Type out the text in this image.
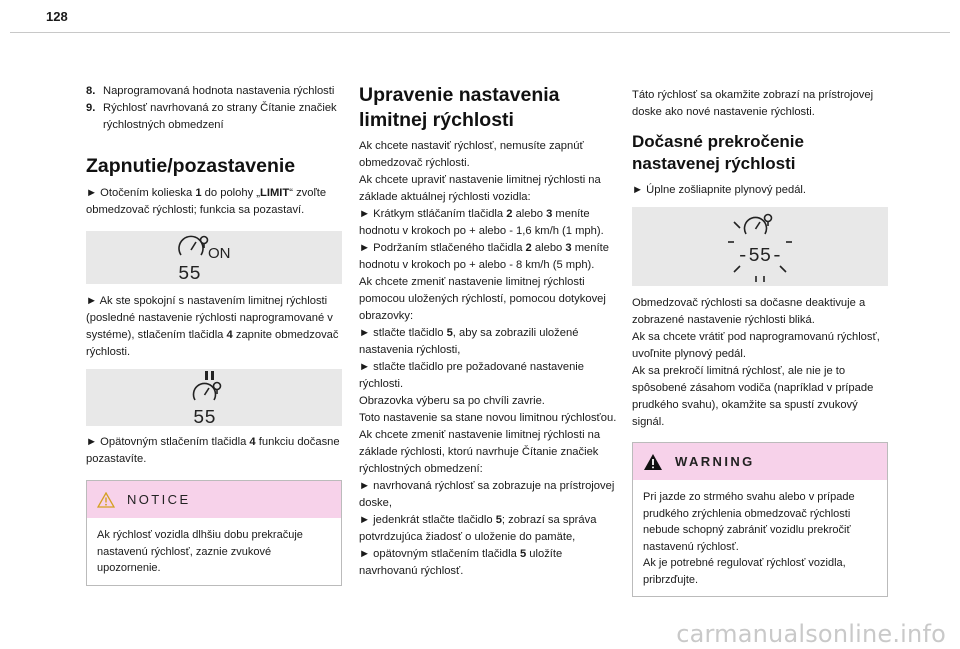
128
8. Naprogramovaná hodnota nastavenia rýchlosti
9. Rýchlosť navrhovaná zo strany Čítanie značiek rýchlostných obmedzení
Zapnutie/pozastavenie

► Otočením kolieska 1 do polohy „LIMIT“ zvoľte obmedzovač rýchlosti; funkcia sa pozastaví.

ON
55

► Ak ste spokojní s nastavením limitnej rýchlosti (posledné nastavenie rýchlosti naprogramované v systéme), stlačením tlačidla 4 zapnite obmedzovač rýchlosti.

55

► Opätovným stlačením tlačidla 4 funkciu dočasne pozastavíte.

NOTICE
Ak rýchlosť vozidla dlhšiu dobu prekračuje nastavenú rýchlosť, zaznie zvukové upozornenie.
Upravenie nastavenia limitnej rýchlosti

Ak chcete nastaviť rýchlosť, nemusíte zapnúť obmedzovač rýchlosti.

Ak chcete upraviť nastavenie limitnej rýchlosti na základe aktuálnej rýchlosti vozidla:

► Krátkym stláčaním tlačidla 2 alebo 3 meníte hodnotu v krokoch po + alebo - 1,6 km/h (1 mph).

► Podržaním stlačeného tlačidla 2 alebo 3 meníte hodnotu v krokoch po + alebo - 8 km/h (5 mph).

Ak chcete zmeniť nastavenie limitnej rýchlosti pomocou uložených rýchlostí, pomocou dotykovej obrazovky:

► stlačte tlačidlo 5, aby sa zobrazili uložené nastavenia rýchlosti,

► stlačte tlačidlo pre požadované nastavenie rýchlosti.

Obrazovka výberu sa po chvíli zavrie.

Toto nastavenie sa stane novou limitnou rýchlosťou.

Ak chcete zmeniť nastavenie limitnej rýchlosti na základe rýchlosti, ktorú navrhuje Čítanie značiek rýchlostných obmedzení:

► navrhovaná rýchlosť sa zobrazuje na prístrojovej doske,

► jedenkrát stlačte tlačidlo 5; zobrazí sa správa potvrdzujúca žiadosť o uloženie do pamäte,

► opätovným stlačením tlačidla 5 uložíte navrhovanú rýchlosť.

Táto rýchlosť sa okamžite zobrazí na prístrojovej doske ako nové nastavenie rýchlosti.

Dočasné prekročenie nastavenej rýchlosti

► Úplne zošliapnite plynový pedál.

-55-

Obmedzovač rýchlosti sa dočasne deaktivuje a zobrazené nastavenie rýchlosti bliká.

Ak sa chcete vrátiť pod naprogramovanú rýchlosť, uvoľnite plynový pedál.

Ak sa prekročí limitná rýchlosť, ale nie je to spôsobené zásahom vodiča (napríklad v prípade prudkého svahu), okamžite sa spustí zvukový signál.

WARNING
Pri jazde zo strmého svahu alebo v prípade prudkého zrýchlenia obmedzovač rýchlosti nebude schopný zabrániť vozidlu prekročiť nastavenú rýchlosť.
Ak je potrebné regulovať rýchlosť vozidla, pribrzďujte.
carmanualsonline.info
